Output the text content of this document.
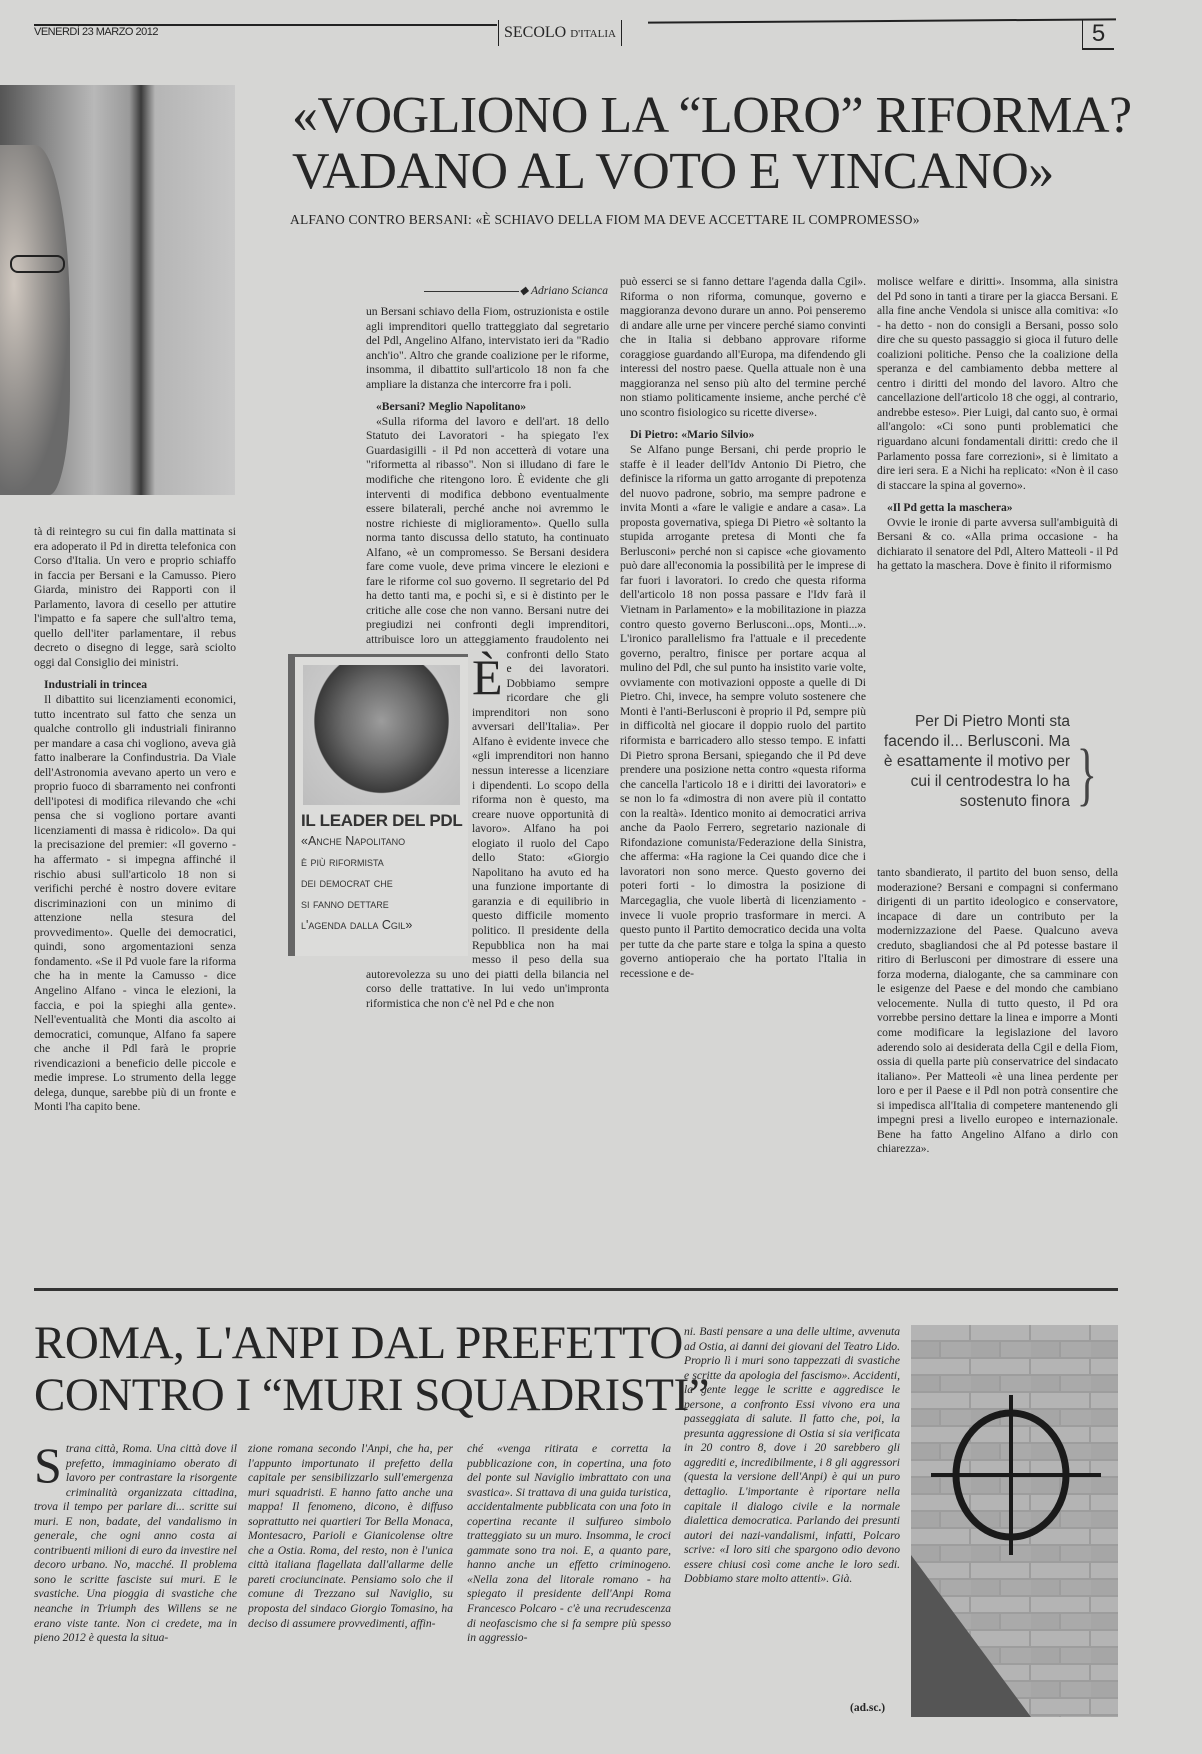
VENERDÌ 23 MARZO 2012	SECOLO D'ITALIA	5
«VOGLIONO LA “LORO” RIFORMA?
VADANO AL VOTO E VINCANO»
ALFANO CONTRO BERSANI: «È SCHIAVO DELLA FIOM MA DEVE ACCETTARE IL COMPROMESSO»

tà di reintegro su cui fin dalla mattinata si era adoperato il Pd in diretta telefonica con Corso d'Italia. Un vero e proprio schiaffo in faccia per Bersani e la Camusso. Piero Giarda, ministro dei Rapporti con il Parlamento, lavora di cesello per attutire l'impatto e fa sapere che sull'altro tema, quello dell'iter parlamentare, il rebus decreto o disegno di legge, sarà sciolto oggi dal Consiglio dei ministri.

Industriali in trincea

Il dibattito sui licenziamenti economici, tutto incentrato sul fatto che senza un qualche controllo gli industriali finiranno per mandare a casa chi vogliono, aveva già fatto inalberare la Confindustria. Da Viale dell'Astronomia avevano aperto un vero e proprio fuoco di sbarramento nei confronti dell'ipotesi di modifica rilevando che «chi pensa che si vogliono portare avanti licenziamenti di massa è ridicolo». Da qui la precisazione del premier: «Il governo - ha affermato - si impegna affinché il rischio abusi sull'articolo 18 non si verifichi perché è nostro dovere evitare discriminazioni con un minimo di attenzione nella stesura del provvedimento». Quelle dei democratici, quindi, sono argomentazioni senza fondamento. «Se il Pd vuole fare la riforma che ha in mente la Camusso - dice Angelino Alfano - vinca le elezioni, la faccia, e poi la spieghi alla gente». Nell'eventualità che Monti dia ascolto ai democratici, comunque, Alfano fa sapere che anche il Pdl farà le proprie rivendicazioni a beneficio delle piccole e medie imprese. Lo strumento della legge delega, dunque, sarebbe più di un fronte e Monti l'ha capito bene.

◆ Adriano Scianca
È

un Bersani schiavo della Fiom, ostruzionista e ostile agli imprenditori quello tratteggiato dal segretario del Pdl, Angelino Alfano, intervistato ieri da "Radio anch'io". Altro che grande coalizione per le riforme, insomma, il dibattito sull'articolo 18 non fa che ampliare la distanza che intercorre fra i poli.

«Bersani? Meglio Napolitano»

«Sulla riforma del lavoro e dell'art. 18 dello Statuto dei Lavoratori - ha spiegato l'ex Guardasigilli - il Pd non accetterà di votare una "riformetta al ribasso". Non si illudano di fare le modifiche che ritengono loro. È evidente che gli interventi di modifica debbono eventualmente essere bilaterali, perché anche noi avremmo le nostre richieste di miglioramento». Quello sulla norma tanto discussa dello statuto, ha continuato Alfano, «è un compromesso. Se Bersani desidera fare come vuole, deve prima vincere le elezioni e fare le riforme col suo governo. Il segretario del Pd ha detto tanti ma, e pochi sì, e si è distinto per le critiche alle cose che non vanno. Bersani nutre dei pregiudizi nei confronti degli imprenditori, attribuisce loro un atteggiamento fraudolento nei confronti dello Stato e dei lavoratori. Dobbiamo sempre ricordare che gli imprenditori non sono avversari dell'Italia». Per Alfano è evidente invece che «gli imprenditori non hanno nessun interesse a licenziare i dipendenti. Lo scopo della riforma non è questo, ma creare nuove opportunità di lavoro». Alfano ha poi elogiato il ruolo del Capo dello Stato: «Giorgio Napolitano ha avuto ed ha una funzione importante di garanzia e di equilibrio in questo difficile momento politico. Il presidente della Repubblica non ha mai messo il peso della sua autorevolezza su uno dei piatti della bilancia nel corso delle trattative. In lui vedo un'impronta riformistica che non c'è nel Pd e che non

IL LEADER DEL PDL
«Anche Napolitano
è più riformista
dei democrat che
si fanno dettare
l'agenda dalla Cgil»

può esserci se si fanno dettare l'agenda dalla Cgil». Riforma o non riforma, comunque, governo e maggioranza devono durare un anno. Poi penseremo di andare alle urne per vincere perché siamo convinti che in Italia si debbano approvare riforme coraggiose guardando all'Europa, ma difendendo gli interessi del nostro paese. Quella attuale non è una maggioranza nel senso più alto del termine perché non stiamo politicamente insieme, anche perché c'è uno scontro fisiologico su ricette diverse».

Di Pietro: «Mario Silvio»

Se Alfano punge Bersani, chi perde proprio le staffe è il leader dell'Idv Antonio Di Pietro, che definisce la riforma un gatto arrogante di prepotenza del nuovo padrone, sobrio, ma sempre padrone e invita Monti a «fare le valigie e andare a casa». La proposta governativa, spiega Di Pietro «è soltanto la stupida arrogante pretesa di Monti che fa Berlusconi» perché non si capisce «che giovamento può dare all'economia la possibilità per le imprese di far fuori i lavoratori. Io credo che questa riforma dell'articolo 18 non possa passare e l'Idv farà il Vietnam in Parlamento» e la mobilitazione in piazza contro questo governo Berlusconi...ops, Monti...». L'ironico parallelismo fra l'attuale e il precedente governo, peraltro, finisce per portare acqua al mulino del Pdl, che sul punto ha insistito varie volte, ovviamente con motivazioni opposte a quelle di Di Pietro. Chi, invece, ha sempre voluto sostenere che Monti è l'anti-Berlusconi è proprio il Pd, sempre più in difficoltà nel giocare il doppio ruolo del partito riformista e barricadero allo stesso tempo. E infatti Di Pietro sprona Bersani, spiegando che il Pd deve prendere una posizione netta contro «questa riforma che cancella l'articolo 18 e i diritti dei lavoratori» e se non lo fa «dimostra di non avere più il contatto con la realtà». Identico monito ai democratici arriva anche da Paolo Ferrero, segretario nazionale di Rifondazione comunista/Federazione della Sinistra, che afferma: «Ha ragione la Cei quando dice che i lavoratori non sono merce. Questo governo dei poteri forti - lo dimostra la posizione di Marcegaglia, che vuole libertà di licenziamento - invece li vuole proprio trasformare in merci. A questo punto il Partito democratico decida una volta per tutte da che parte stare e tolga la spina a questo governo antioperaio che ha portato l'Italia in recessione e de-

molisce welfare e diritti». Insomma, alla sinistra del Pd sono in tanti a tirare per la giacca Bersani. E alla fine anche Vendola si unisce alla comitiva: «Io - ha detto - non do consigli a Bersani, posso solo dire che su questo passaggio si gioca il futuro delle coalizioni politiche. Penso che la coalizione della speranza e del cambiamento debba mettere al centro i diritti del mondo del lavoro. Altro che cancellazione dell'articolo 18 che oggi, al contrario, andrebbe esteso». Pier Luigi, dal canto suo, è ormai all'angolo: «Ci sono punti problematici che riguardano alcuni fondamentali diritti: credo che il Parlamento possa fare correzioni», si è limitato a dire ieri sera. E a Nichi ha replicato: «Non è il caso di staccare la spina al governo».

«Il Pd getta la maschera»

Ovvie le ironie di parte avversa sull'ambiguità di Bersani & co. «Alla prima occasione - ha dichiarato il senatore del Pdl, Altero Matteoli - il Pd ha gettato la maschera. Dove è finito il riformismo

Per Di Pietro Monti sta facendo il... Berlusconi. Ma è esattamente il motivo per cui il centrodestra lo ha sostenuto finora }

tanto sbandierato, il partito del buon senso, della moderazione? Bersani e compagni si confermano dirigenti di un partito ideologico e conservatore, incapace di dare un contributo per la modernizzazione del Paese. Qualcuno aveva creduto, sbagliandosi che al Pd potesse bastare il ritiro di Berlusconi per dimostrare di essere una forza moderna, dialogante, che sa camminare con le esigenze del Paese e del mondo che cambiano velocemente. Nulla di tutto questo, il Pd ora vorrebbe persino dettare la linea e imporre a Monti come modificare la legislazione del lavoro aderendo solo ai desiderata della Cgil e della Fiom, ossia di quella parte più conservatrice del sindacato italiano». Per Matteoli «è una linea perdente per loro e per il Paese e il Pdl non potrà consentire che si impedisca all'Italia di competere mantenendo gli impegni presi a livello europeo e internazionale. Bene ha fatto Angelino Alfano a dirlo con chiarezza».

ROMA, L'ANPI DAL PREFETTO
CONTRO I “MURI SQUADRISTI”
S trana città, Roma. Una città dove il prefetto, immaginiamo oberato di lavoro per contrastare la risorgente criminalità organizzata cittadina, trova il tempo per parlare di... scritte sui muri. E non, badate, del vandalismo in generale, che ogni anno costa ai contribuenti milioni di euro da investire nel decoro urbano. No, macché. Il problema sono le scritte fasciste sui muri. E le svastiche. Una pioggia di svastiche che neanche in Triumph des Willens se ne erano viste tante. Non ci credete, ma in pieno 2012 è questa la situa-

zione romana secondo l'Anpi, che ha, per l'appunto importunato il prefetto della capitale per sensibilizzarlo sull'emergenza muri squadristi. E hanno fatto anche una mappa! Il fenomeno, dicono, è diffuso soprattutto nei quartieri Tor Bella Monaca, Montesacro, Parioli e Gianicolense oltre che a Ostia. Roma, del resto, non è l'unica città italiana flagellata dall'allarme delle pareti crociuncinate. Pensiamo solo che il comune di Trezzano sul Naviglio, su proposta del sindaco Giorgio Tomasino, ha deciso di assumere provvedimenti, affin-

ché «venga ritirata e corretta la pubblicazione con, in copertina, una foto del ponte sul Naviglio imbrattato con una svastica». Si trattava di una guida turistica, accidentalmente pubblicata con una foto in copertina recante il sulfureo simbolo tratteggiato su un muro. Insomma, le croci gammate sono tra noi. E, a quanto pare, hanno anche un effetto criminogeno. «Nella zona del litorale romano - ha spiegato il presidente dell'Anpi Roma Francesco Polcaro - c'è una recrudescenza di neofascismo che si fa sempre più spesso in aggressio-

ni. Basti pensare a una delle ultime, avvenuta ad Ostia, ai danni dei giovani del Teatro Lido. Proprio lì i muri sono tappezzati di svastiche e scritte da apologia del fascismo». Accidenti, la gente legge le scritte e aggredisce le persone, a confronto Essi vivono era una passeggiata di salute. Il fatto che, poi, la presunta aggressione di Ostia si sia verificata in 20 contro 8, dove i 20 sarebbero gli aggrediti e, incredibilmente, i 8 gli aggressori (questa la versione dell'Anpi) è qui un puro dettaglio. L'importante è riportare nella capitale il dialogo civile e la normale dialettica democratica. Parlando dei presunti autori dei nazi-vandalismi, infatti, Polcaro scrive: «I loro siti che spargono odio devono essere chiusi così come anche le loro sedi. Dobbiamo stare molto attenti». Già.

(ad.sc.)
